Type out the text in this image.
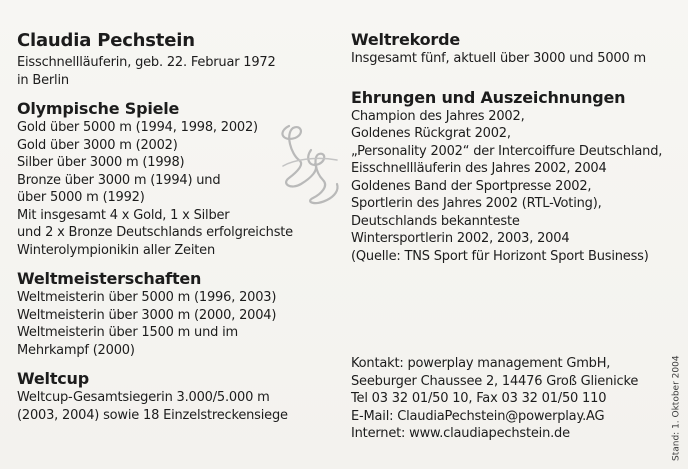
Claudia Pechstein
Eisschnellläuferin, geb. 22. Februar 1972
in Berlin
Olympische Spiele
Gold über 5000 m (1994, 1998, 2002)
Gold über 3000 m (2002)
Silber über 3000 m (1998)
Bronze über 3000 m (1994) und
über 5000 m (1992)
Mit insgesamt 4 x Gold, 1 x Silber
und 2 x Bronze Deutschlands erfolgreichste
Winterolympionikin aller Zeiten
Weltmeisterschaften
Weltmeisterin über 5000 m (1996, 2003)
Weltmeisterin über 3000 m (2000, 2004)
Weltmeisterin über 1500 m und im
Mehrkampf (2000)
Weltcup
Weltcup-Gesamtsiegerin 3.000/5.000 m
(2003, 2004) sowie 18 Einzelstreckensiege
Weltrekorde
Insgesamt fünf, aktuell über 3000 und 5000 m
Ehrungen und Auszeichnungen
Champion des Jahres 2002,
Goldenes Rückgrat 2002,
„Personality 2002“ der Intercoiffure Deutschland,
Eisschnellläuferin des Jahres 2002, 2004
Goldenes Band der Sportpresse 2002,
Sportlerin des Jahres 2002 (RTL-Voting),
Deutschlands bekannteste
Wintersportlerin 2002, 2003, 2004
(Quelle: TNS Sport für Horizont Sport Business)
Kontakt: powerplay management GmbH,
Seeburger Chaussee 2, 14476 Groß Glienicke
Tel 03 32 01/50 10, Fax 03 32 01/50 110
E-Mail: ClaudiaPechstein@powerplay.AG
Internet: www.claudiapechstein.de	Stand: 1. Oktober 2004
